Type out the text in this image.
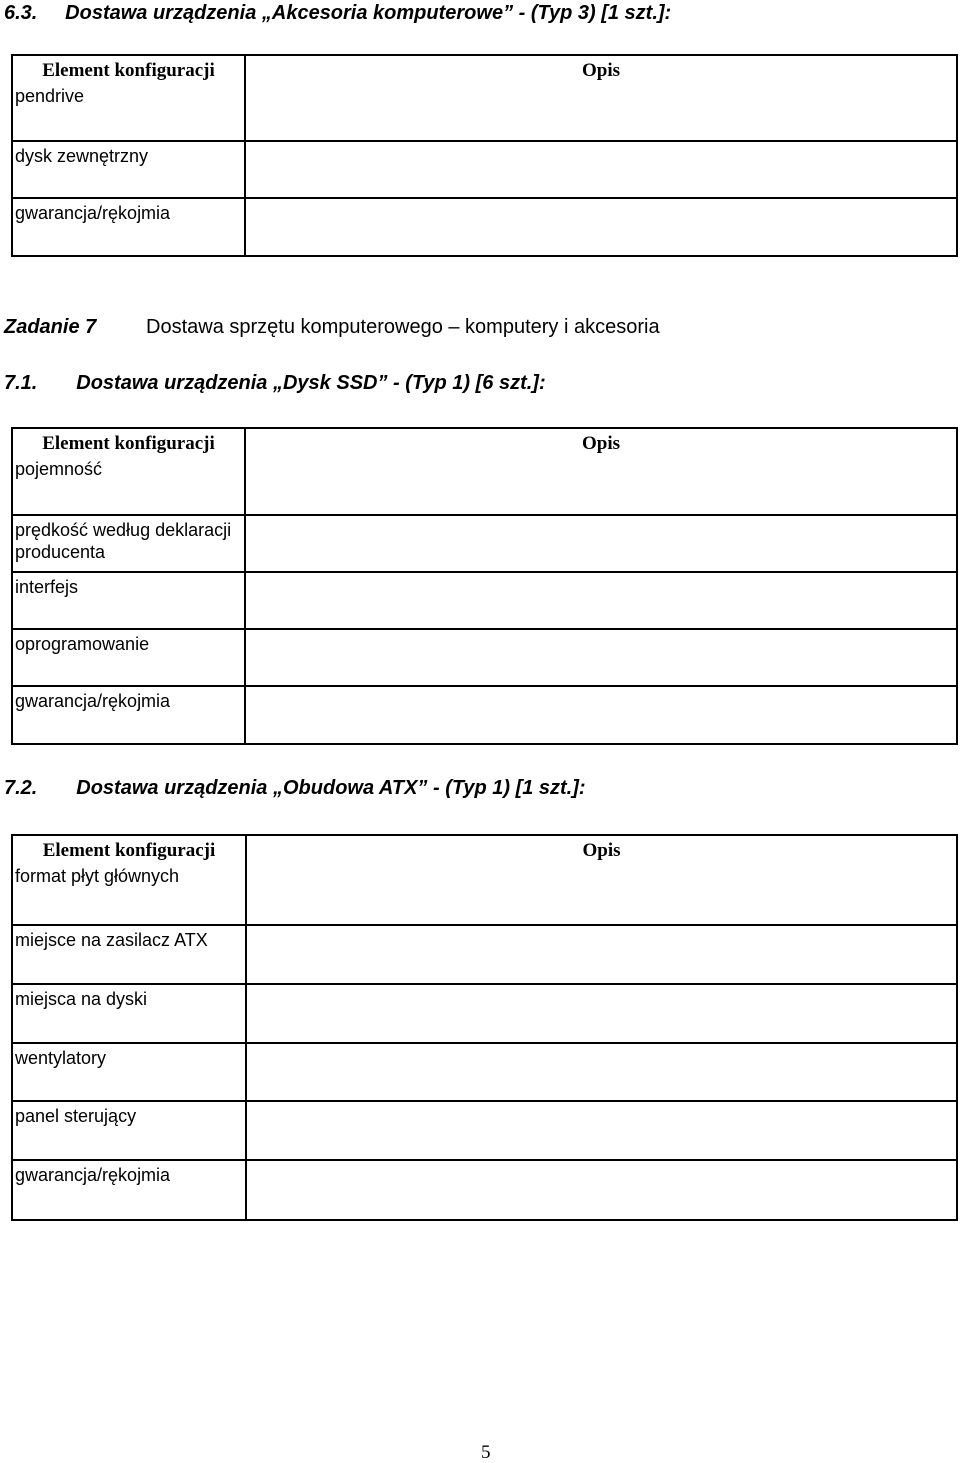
6.3. Dostawa urządzenia „Akcesoria komputerowe” - (Typ 3) [1 szt.]:
Element konfiguracji	Opis
pendrive	
dysk zewnętrzny	
gwarancja/rękojmia	
Zadanie 7 Dostawa sprzętu komputerowego – komputery i akcesoria
7.1. Dostawa urządzenia „Dysk SSD” - (Typ 1) [6 szt.]:
Element konfiguracji	Opis
pojemność	
prędkość według deklaracji producenta	
interfejs	
oprogramowanie	
gwarancja/rękojmia	
7.2. Dostawa urządzenia „Obudowa ATX” - (Typ 1) [1 szt.]:
Element konfiguracji	Opis
format płyt głównych	
miejsce na zasilacz ATX	
miejsca na dyski	
wentylatory	
panel sterujący	
gwarancja/rękojmia	
5
